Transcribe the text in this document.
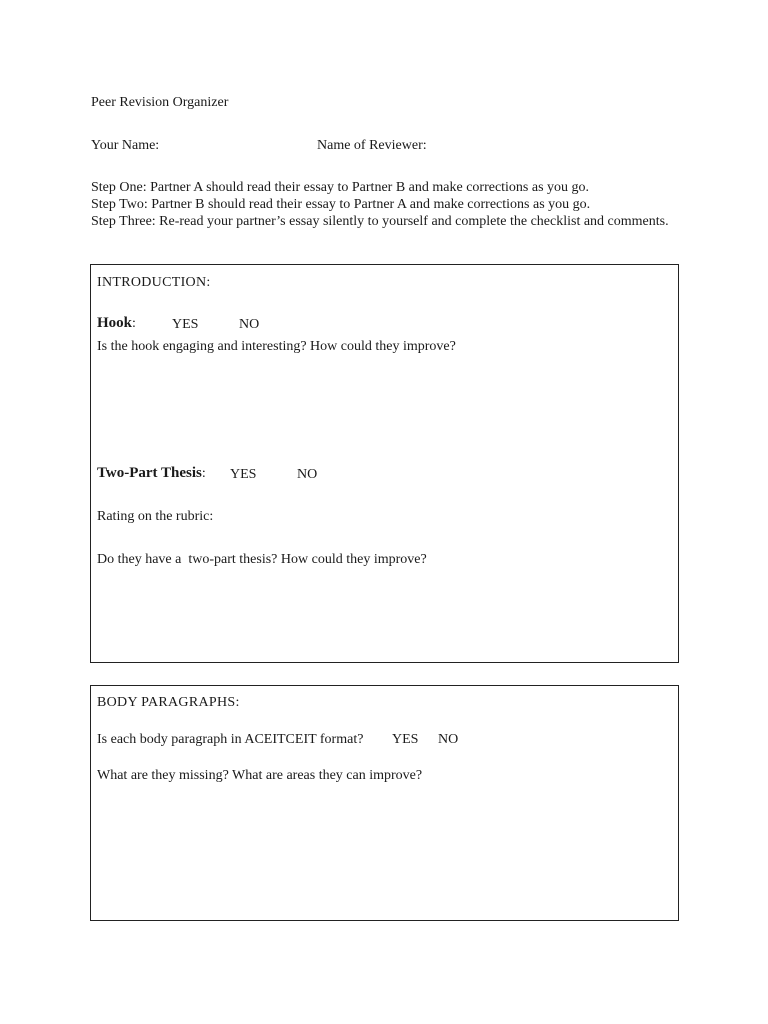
Peer Revision Organizer
Your Name:	Name of Reviewer:
Step One: Partner A should read their essay to Partner B and make corrections as you go.
Step Two: Partner B should read their essay to Partner A and make corrections as you go.
Step Three: Re-read your partner’s essay silently to yourself and complete the checklist and comments.
INTRODUCTION:
Hook:	YES	NO
Is the hook engaging and interesting? How could they improve?
Two-Part Thesis: YES	NO
Rating on the rubric:
Do they have a  two-part thesis? How could they improve?
BODY PARAGRAPHS:
Is each body paragraph in ACEITCEIT format? YES NO
What are they missing? What are areas they can improve?
